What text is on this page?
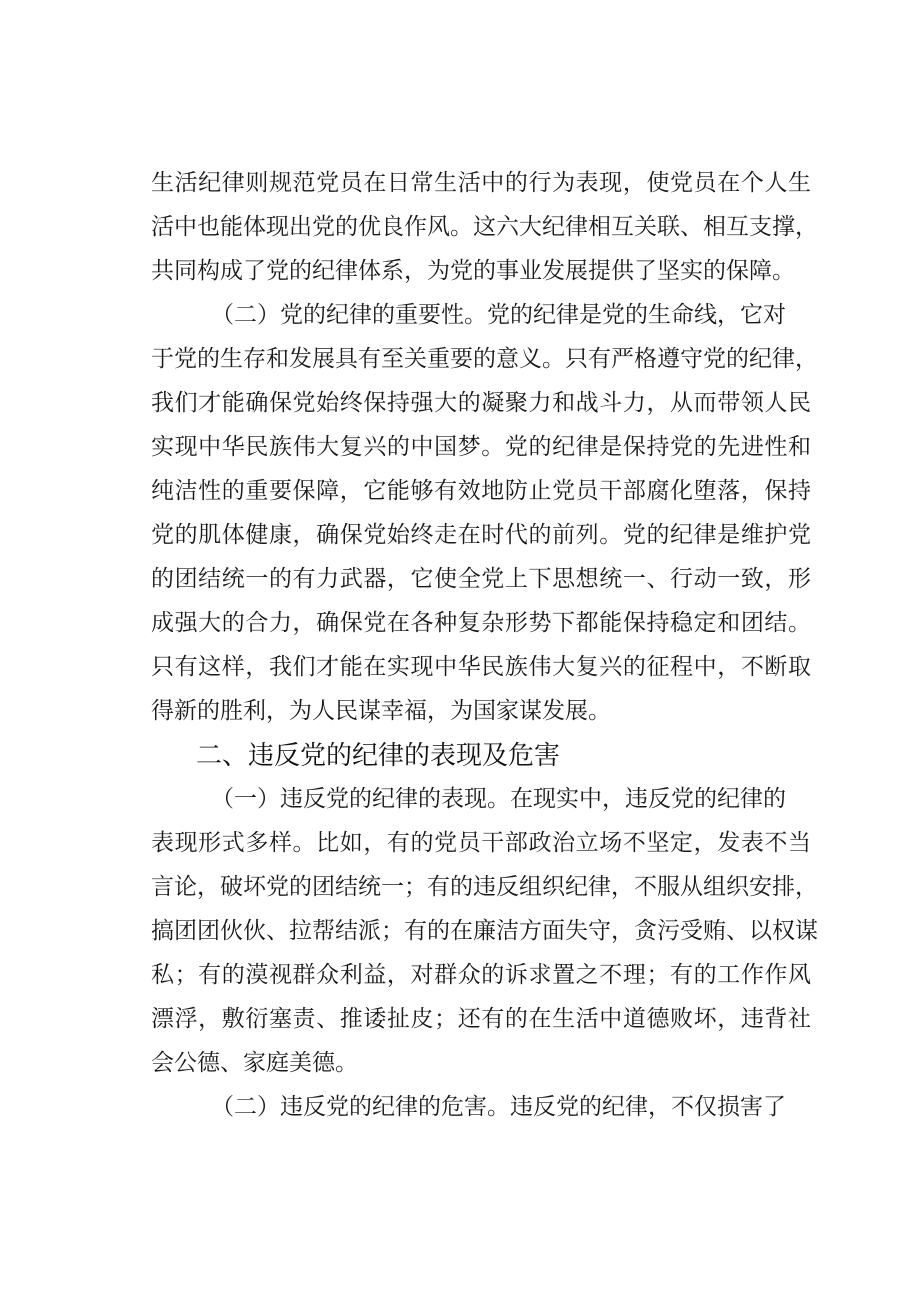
生活纪律则规范党员在日常生活中的行为表现，使党员在个人生
活中也能体现出党的优良作风。这六大纪律相互关联、相互支撑，
共同构成了党的纪律体系，为党的事业发展提供了坚实的保障。
（二）党的纪律的重要性。党的纪律是党的生命线，它对
于党的生存和发展具有至关重要的意义。只有严格遵守党的纪律，
我们才能确保党始终保持强大的凝聚力和战斗力，从而带领人民
实现中华民族伟大复兴的中国梦。党的纪律是保持党的先进性和
纯洁性的重要保障，它能够有效地防止党员干部腐化堕落，保持
党的肌体健康，确保党始终走在时代的前列。党的纪律是维护党
的团结统一的有力武器，它使全党上下思想统一、行动一致，形
成强大的合力，确保党在各种复杂形势下都能保持稳定和团结。
只有这样，我们才能在实现中华民族伟大复兴的征程中，不断取
得新的胜利，为人民谋幸福，为国家谋发展。
二、违反党的纪律的表现及危害
（一）违反党的纪律的表现。在现实中，违反党的纪律的
表现形式多样。比如，有的党员干部政治立场不坚定，发表不当
言论，破坏党的团结统一；有的违反组织纪律，不服从组织安排，
搞团团伙伙、拉帮结派；有的在廉洁方面失守，贪污受贿、以权谋
私；有的漠视群众利益，对群众的诉求置之不理；有的工作作风
漂浮，敷衍塞责、推诿扯皮；还有的在生活中道德败坏，违背社
会公德、家庭美德。
（二）违反党的纪律的危害。违反党的纪律，不仅损害了
